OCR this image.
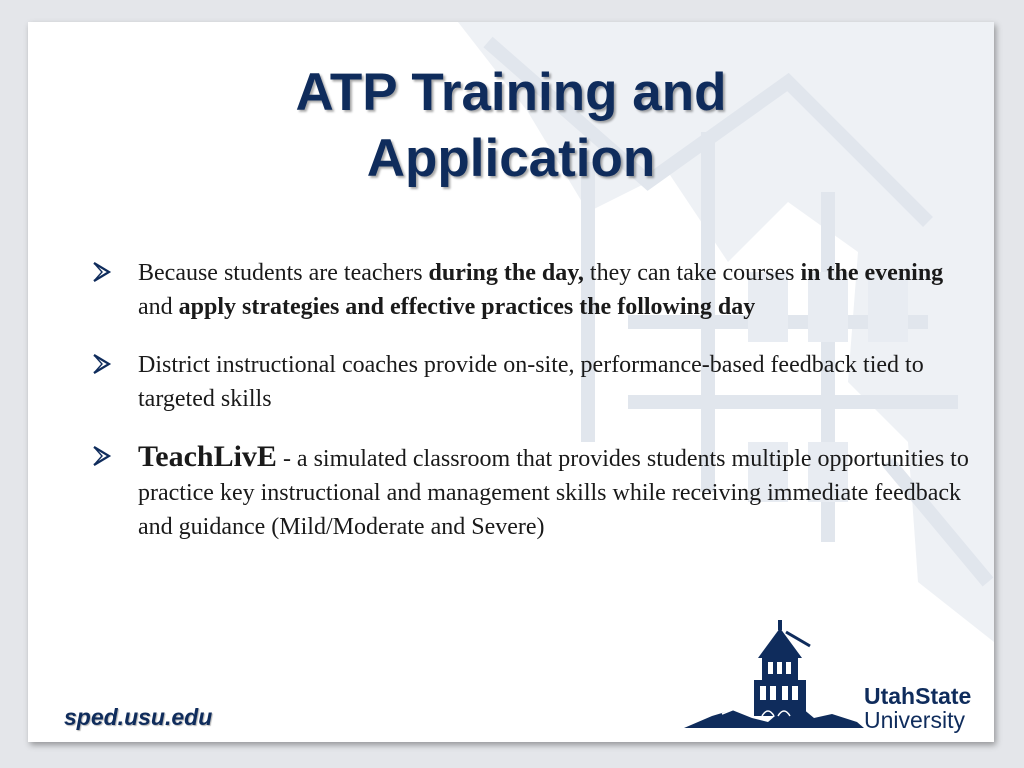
ATP Training and
Application
Because students are teachers during the day, they can take courses in the evening and apply strategies and effective practices the following day
District instructional coaches provide on-site, performance-based feedback tied to targeted skills
TeachLivE - a simulated classroom that provides students multiple opportunities to practice key instructional and management skills while receiving immediate feedback and guidance (Mild/Moderate and Severe)
sped.usu.edu
UtahState
University
